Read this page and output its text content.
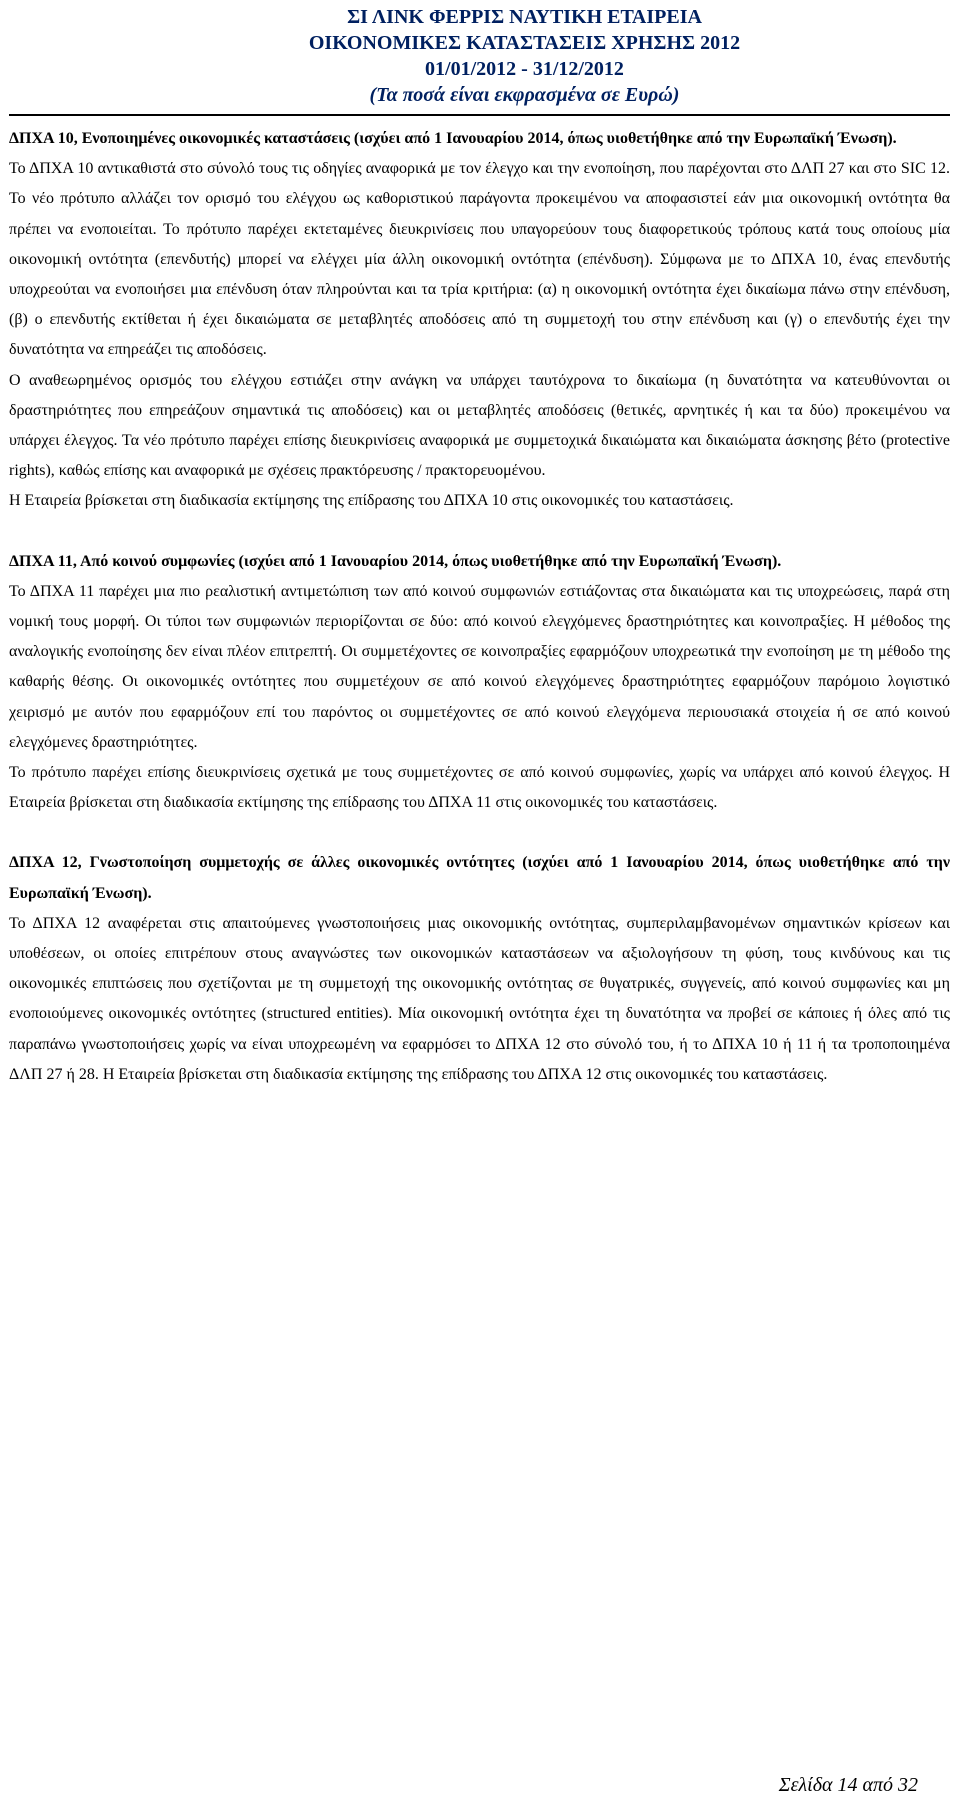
ΣΙ ΛΙΝΚ ΦΕΡΡΙΣ ΝΑΥΤΙΚΗ ΕΤΑΙΡΕΙΑ
ΟΙΚΟΝΟΜΙΚΕΣ ΚΑΤΑΣΤΑΣΕΙΣ ΧΡΗΣΗΣ 2012
01/01/2012 - 31/12/2012
(Τα ποσά είναι εκφρασμένα σε Ευρώ)

ΔΠΧΑ 10, Ενοποιημένες οικονομικές καταστάσεις (ισχύει από 1 Ιανουαρίου 2014, όπως υιοθετήθηκε από την Ευρωπαϊκή Ένωση).

Το ΔΠΧΑ 10 αντικαθιστά στο σύνολό τους τις οδηγίες αναφορικά με τον έλεγχο και την ενοποίηση, που παρέχονται στο ΔΛΠ 27 και στο SIC 12. Το νέο πρότυπο αλλάζει τον ορισμό του ελέγχου ως καθοριστικού παράγοντα προκειμένου να αποφασιστεί εάν μια οικονομική οντότητα θα πρέπει να ενοποιείται. Το πρότυπο παρέχει εκτεταμένες διευκρινίσεις που υπαγορεύουν τους διαφορετικούς τρόπους κατά τους οποίους μία οικονομική οντότητα (επενδυτής) μπορεί να ελέγχει μία άλλη οικονομική οντότητα (επένδυση). Σύμφωνα με το ΔΠΧΑ 10, ένας επενδυτής υποχρεούται να ενοποιήσει μια επένδυση όταν πληρούνται και τα τρία κριτήρια: (α) η οικονομική οντότητα έχει δικαίωμα πάνω στην επένδυση, (β) ο επενδυτής εκτίθεται ή έχει δικαιώματα σε μεταβλητές αποδόσεις από τη συμμετοχή του στην επένδυση και (γ) ο επενδυτής έχει την δυνατότητα να επηρεάζει τις αποδόσεις.

Ο αναθεωρημένος ορισμός του ελέγχου εστιάζει στην ανάγκη να υπάρχει ταυτόχρονα το δικαίωμα (η δυνατότητα να κατευθύνονται οι δραστηριότητες που επηρεάζουν σημαντικά τις αποδόσεις) και οι μεταβλητές αποδόσεις (θετικές, αρνητικές ή και τα δύο) προκειμένου να υπάρχει έλεγχος. Τα νέο πρότυπο παρέχει επίσης διευκρινίσεις αναφορικά με συμμετοχικά δικαιώματα και δικαιώματα άσκησης βέτο (protective rights), καθώς επίσης και αναφορικά με σχέσεις πρακτόρευσης / πρακτορευομένου.

Η Εταιρεία βρίσκεται στη διαδικασία εκτίμησης της επίδρασης του ΔΠΧΑ 10 στις οικονομικές του καταστάσεις.

ΔΠΧΑ 11, Από κοινού συμφωνίες (ισχύει από 1 Ιανουαρίου 2014, όπως υιοθετήθηκε από την Ευρωπαϊκή Ένωση).

Το ΔΠΧΑ 11 παρέχει μια πιο ρεαλιστική αντιμετώπιση των από κοινού συμφωνιών εστιάζοντας στα δικαιώματα και τις υποχρεώσεις, παρά στη νομική τους μορφή. Οι τύποι των συμφωνιών περιορίζονται σε δύο: από κοινού ελεγχόμενες δραστηριότητες και κοινοπραξίες. Η μέθοδος της αναλογικής ενοποίησης δεν είναι πλέον επιτρεπτή. Οι συμμετέχοντες σε κοινοπραξίες εφαρμόζουν υποχρεωτικά την ενοποίηση με τη μέθοδο της καθαρής θέσης. Οι οικονομικές οντότητες που συμμετέχουν σε από κοινού ελεγχόμενες δραστηριότητες εφαρμόζουν παρόμοιο λογιστικό χειρισμό με αυτόν που εφαρμόζουν επί του παρόντος οι συμμετέχοντες σε από κοινού ελεγχόμενα περιουσιακά στοιχεία ή σε από κοινού ελεγχόμενες δραστηριότητες.

Το πρότυπο παρέχει επίσης διευκρινίσεις σχετικά με τους συμμετέχοντες σε από κοινού συμφωνίες, χωρίς να υπάρχει από κοινού έλεγχος. Η Εταιρεία βρίσκεται στη διαδικασία εκτίμησης της επίδρασης του ΔΠΧΑ 11 στις οικονομικές του καταστάσεις.

ΔΠΧΑ 12, Γνωστοποίηση συμμετοχής σε άλλες οικονομικές οντότητες (ισχύει από 1 Ιανουαρίου 2014, όπως υιοθετήθηκε από την Ευρωπαϊκή Ένωση).

Το ΔΠΧΑ 12 αναφέρεται στις απαιτούμενες γνωστοποιήσεις μιας οικονομικής οντότητας, συμπεριλαμβανομένων σημαντικών κρίσεων και υποθέσεων, οι οποίες επιτρέπουν στους αναγνώστες των οικονομικών καταστάσεων να αξιολογήσουν τη φύση, τους κινδύνους και τις οικονομικές επιπτώσεις που σχετίζονται με τη συμμετοχή της οικονομικής οντότητας σε θυγατρικές, συγγενείς, από κοινού συμφωνίες και μη ενοποιούμενες οικονομικές οντότητες (structured entities). Μία οικονομική οντότητα έχει τη δυνατότητα να προβεί σε κάποιες ή όλες από τις παραπάνω γνωστοποιήσεις χωρίς να είναι υποχρεωμένη να εφαρμόσει το ΔΠΧΑ 12 στο σύνολό του, ή το ΔΠΧΑ 10 ή 11 ή τα τροποποιημένα ΔΛΠ 27 ή 28. Η Εταιρεία βρίσκεται στη διαδικασία εκτίμησης της επίδρασης του ΔΠΧΑ 12 στις οικονομικές του καταστάσεις.

Σελίδα 14 από 32
